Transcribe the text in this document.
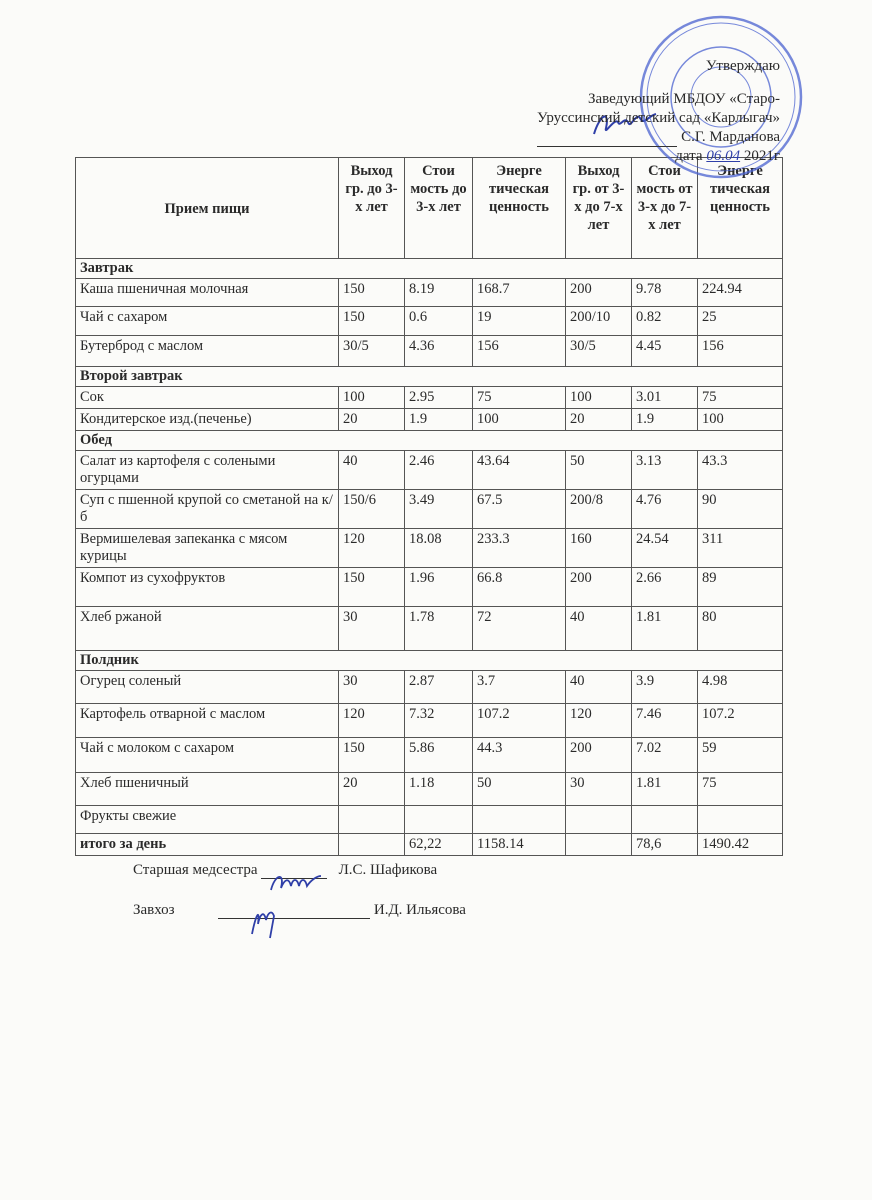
Утверждаю
Заведующий МБДОУ «Старо-
Уруссинский детский сад «Карлыгач»
С.Г. Марданова
дата 06.04 2021г
Прием пищи	Выход гр. до 3-х лет	Стои мость до 3-х лет	Энерге тическая ценность	Выход гр. от 3-х до 7-х лет	Стои мость от 3-х до 7-х лет	Энерге тическая ценность
Завтрак						
Каша пшеничная молочная	150	8.19	168.7	200	9.78	224.94
Чай с сахаром	150	0.6	19	200/10	0.82	25
Бутерброд с маслом	30/5	4.36	156	30/5	4.45	156
Второй завтрак						
Сок	100	2.95	75	100	3.01	75
Кондитерское изд.(печенье)	20	1.9	100	20	1.9	100
Обед						
Салат из картофеля с солеными огурцами	40	2.46	43.64	50	3.13	43.3
Суп с пшенной крупой со сметаной на к/б	150/6	3.49	67.5	200/8	4.76	90
Вермишелевая запеканка с мясом курицы	120	18.08	233.3	160	24.54	311
Компот из сухофруктов	150	1.96	66.8	200	2.66	89
Хлеб ржаной	30	1.78	72	40	1.81	80
Полдник						
Огурец соленый	30	2.87	3.7	40	3.9	4.98
Картофель отварной с маслом	120	7.32	107.2	120	7.46	107.2
Чай с молоком с сахаром	150	5.86	44.3	200	7.02	59
Хлеб пшеничный	20	1.18	50	30	1.81	75
Фрукты свежие						
итого за день		62,22	1158.14		78,6	1490.42
Старшая медсестра	Л.С. Шафикова
Завхоз	И.Д. Ильясова
